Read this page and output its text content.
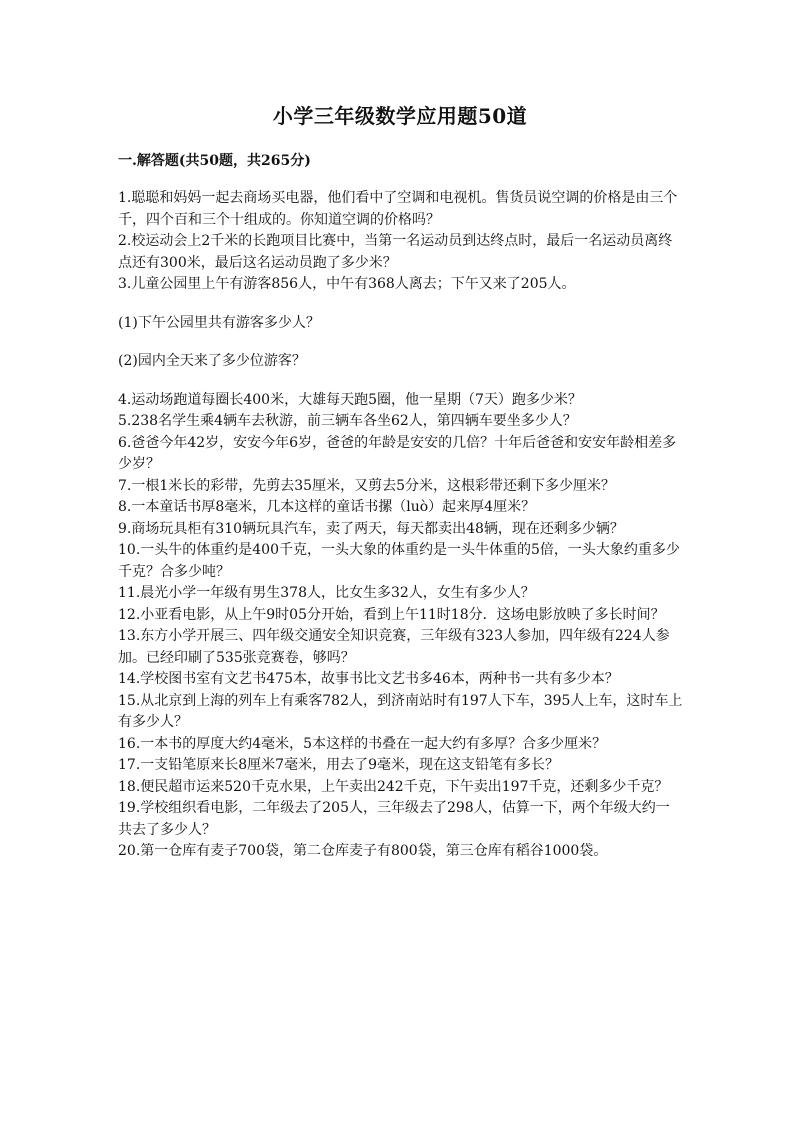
小学三年级数学应用题50道
一.解答题(共50题，共265分)

1.聪聪和妈妈一起去商场买电器，他们看中了空调和电视机。售货员说空调的价格是由三个千，四个百和三个十组成的。你知道空调的价格吗？

2.校运动会上2千米的长跑项目比赛中，当第一名运动员到达终点时，最后一名运动员离终点还有300米，最后这名运动员跑了多少米？

3.儿童公园里上午有游客856人，中午有368人离去；下午又来了205人。

(1)下午公园里共有游客多少人？

(2)园内全天来了多少位游客？

4.运动场跑道每圈长400米，大雄每天跑5圈，他一星期（7天）跑多少米？

5.238名学生乘4辆车去秋游，前三辆车各坐62人，第四辆车要坐多少人？

6.爸爸今年42岁，安安今年6岁，爸爸的年龄是安安的几倍？十年后爸爸和安安年龄相差多少岁？

7.一根1米长的彩带，先剪去35厘米，又剪去5分米，这根彩带还剩下多少厘米？

8.一本童话书厚8毫米，几本这样的童话书摞（luò）起来厚4厘米？

9.商场玩具柜有310辆玩具汽车，卖了两天，每天都卖出48辆，现在还剩多少辆？

10.一头牛的体重约是400千克，一头大象的体重约是一头牛体重的5倍，一头大象约重多少千克？合多少吨？

11.晨光小学一年级有男生378人，比女生多32人，女生有多少人？

12.小亚看电影，从上午9时05分开始，看到上午11时18分．这场电影放映了多长时间？

13.东方小学开展三、四年级交通安全知识竞赛，三年级有323人参加，四年级有224人参加。已经印刷了535张竞赛卷，够吗？

14.学校图书室有文艺书475本，故事书比文艺书多46本，两种书一共有多少本？

15.从北京到上海的列车上有乘客782人，到济南站时有197人下车，395人上车，这时车上有多少人？

16.一本书的厚度大约4毫米，5本这样的书叠在一起大约有多厚？合多少厘米？

17.一支铅笔原来长8厘米7毫米，用去了9毫米，现在这支铅笔有多长？

18.便民超市运来520千克水果，上午卖出242千克，下午卖出197千克，还剩多少千克？

19.学校组织看电影，二年级去了205人，三年级去了298人，估算一下，两个年级大约一共去了多少人？

20.第一仓库有麦子700袋，第二仓库麦子有800袋，第三仓库有稻谷1000袋。
